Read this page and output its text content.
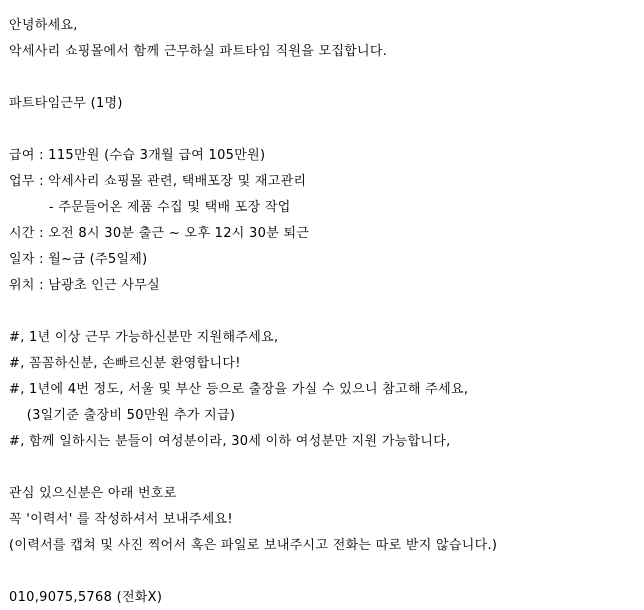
안녕하세요,
악세사리 쇼핑몰에서 함께 근무하실 파트타임 직원을 모집합니다.
파트타임근무 (1명)
급여 : 115만원 (수습 3개월 급여 105만원)
업무 : 악세사리 쇼핑몰 관련, 택배포장 및 재고관리
- 주문들어온 제품 수집 및 택배 포장 작업
시간 : 오전 8시 30분 출근 ~ 오후 12시 30분 퇴근
일자 : 월~금 (주5일제)
위치 : 남광초 인근 사무실
#, 1년 이상 근무 가능하신분만 지원해주세요,
#, 꼼꼼하신분, 손빠르신분 환영합니다!
#, 1년에 4번 정도, 서울 및 부산 등으로 출장을 가실 수 있으니 참고해 주세요,
(3일기준 출장비 50만원 추가 지급)
#, 함께 일하시는 분들이 여성분이라, 30세 이하 여성분만 지원 가능합니다,
관심 있으신분은 아래 번호로
꼭 '이력서' 를 작성하셔서 보내주세요!
(이력서를 캡쳐 및 사진 찍어서 혹은 파일로 보내주시고 전화는 따로 받지 않습니다.)
010,9075,5768 (전화X)
